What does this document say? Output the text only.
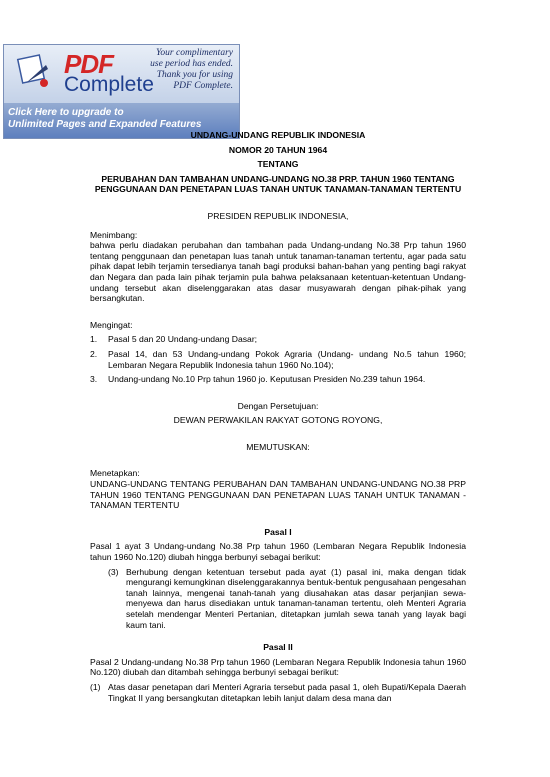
PDF
Complete
Your complimentary
use period has ended.
Thank you for using
PDF Complete.
Click Here to upgrade to
Unlimited Pages and Expanded Features

UNDANG-UNDANG REPUBLIK INDONESIA

NOMOR 20 TAHUN 1964

TENTANG

PERUBAHAN DAN TAMBAHAN UNDANG-UNDANG NO.38 PRP. TAHUN 1960 TENTANG PENGGUNAAN DAN PENETAPAN LUAS TANAH UNTUK TANAMAN-TANAMAN TERTENTU

PRESIDEN REPUBLIK INDONESIA,

Menimbang:

bahwa perlu diadakan perubahan dan tambahan pada Undang-undang No.38 Prp tahun 1960 tentang penggunaan dan penetapan luas tanah untuk tanaman-tanaman tertentu, agar pada satu pihak dapat lebih terjamin tersedianya tanah bagi produksi bahan-bahan yang penting bagi rakyat dan Negara dan pada lain pihak terjamin pula bahwa pelaksanaan ketentuan-ketentuan Undang-undang tersebut akan diselenggarakan atas dasar musyawarah dengan pihak-pihak yang bersangkutan.

Mengingat:

1. Pasal 5 dan 20 Undang-undang Dasar;
2. Pasal 14, dan 53 Undang-undang Pokok Agraria (Undang- undang No.5 tahun 1960; Lembaran Negara Republik Indonesia tahun 1960 No.104);
3. Undang-undang No.10 Prp tahun 1960 jo. Keputusan Presiden No.239 tahun 1964.

Dengan Persetujuan:

DEWAN PERWAKILAN RAKYAT GOTONG ROYONG,

MEMUTUSKAN:

Menetapkan:

UNDANG-UNDANG TENTANG PERUBAHAN DAN TAMBAHAN UNDANG-UNDANG NO.38 PRP TAHUN 1960 TENTANG PENGGUNAAN DAN PENETAPAN LUAS TANAH UNTUK TANAMAN -TANAMAN TERTENTU

Pasal I

Pasal 1 ayat 3 Undang-undang No.38 Prp tahun 1960 (Lembaran Negara Republik Indonesia tahun 1960 No.120) diubah hingga berbunyi sebagai berikut:

(3) Berhubung dengan ketentuan tersebut pada ayat (1) pasal ini, maka dengan tidak mengurangi kemungkinan diselenggarakannya bentuk-bentuk pengusahaan pengesahan tanah lainnya, mengenai tanah-tanah yang diusahakan atas dasar perjanjian sewa-menyewa dan harus disediakan untuk tanaman-tanaman tertentu, oleh Menteri Agraria setelah mendengar Menteri Pertanian, ditetapkan jumlah sewa tanah yang layak bagi kaum tani.

Pasal II

Pasal 2 Undang-undang No.38 Prp tahun 1960 (Lembaran Negara Republik Indonesia tahun 1960 No.120) diubah dan ditambah sehingga berbunyi sebagai berikut:

(1) Atas dasar penetapan dari Menteri Agraria tersebut pada pasal 1, oleh Bupati/Kepala Daerah Tingkat II yang bersangkutan ditetapkan lebih lanjut dalam desa mana dan
